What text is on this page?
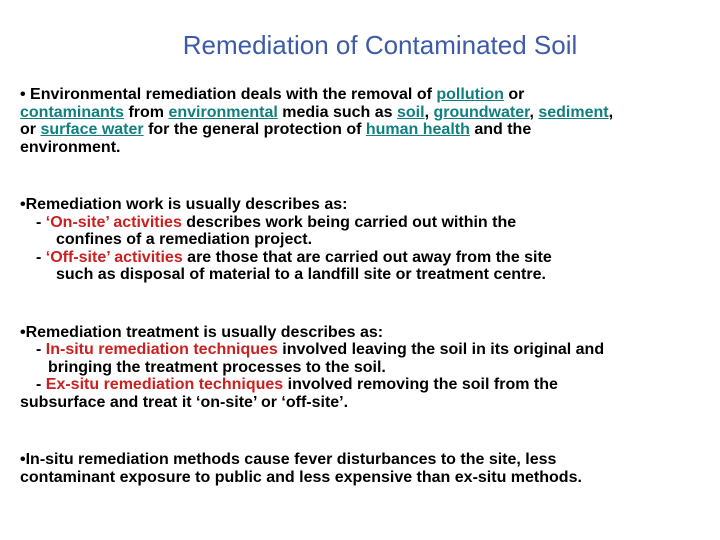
Remediation of Contaminated Soil
• Environmental remediation deals with the removal of pollution or
contaminants from environmental media such as soil, groundwater, sediment,
or surface water for the general protection of human health and the
environment.
•Remediation work is usually describes as:
- ‘On-site’ activities describes work being carried out within the
confines of a remediation project.
- ‘Off-site’ activities are those that are carried out away from the site
such as disposal of material to a landfill site or treatment centre.
•Remediation treatment is usually describes as:
- In-situ remediation techniques involved leaving the soil in its original and
bringing the treatment processes to the soil.
- Ex-situ remediation techniques involved removing the soil from the
subsurface and treat it ‘on-site’ or ‘off-site’.
•In-situ remediation methods cause fever disturbances to the site, less
contaminant exposure to public and less expensive than ex-situ methods.
